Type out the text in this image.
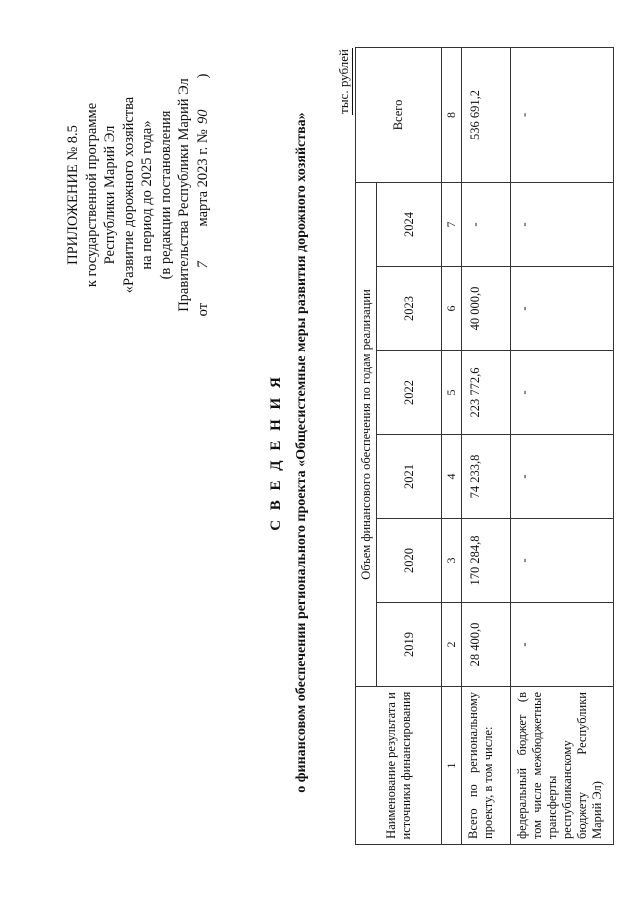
ПРИЛОЖЕНИЕ № 8.5 к государственной программе Республики Марий Эл «Развитие дорожного хозяйства на период до 2025 года» (в редакции постановления Правительства Республики Марий Эл от  7  марта 2023 г. № 90  )
С В Е Д Е Н И Я о финансовом обеспечении регионального проекта «Общесистемные меры развития дорожного хозяйства»
тыс. рублей
Наименование результата и источники финансирования	Объем финансового обеспечения по годам реализации						Всего
	2019	2020	2021	2022	2023	2024	
1	2	3	4	5	6	7	8
Всего по региональному проекту, в том числе:	28 400,0	170 284,8	74 233,8	223 772,6	40 000,0	-	536 691,2
федеральный бюджет (в том числе межбюджетные трансферты республиканскому бюджету Республики Марий Эл)	-	-	-	-	-	-	-
